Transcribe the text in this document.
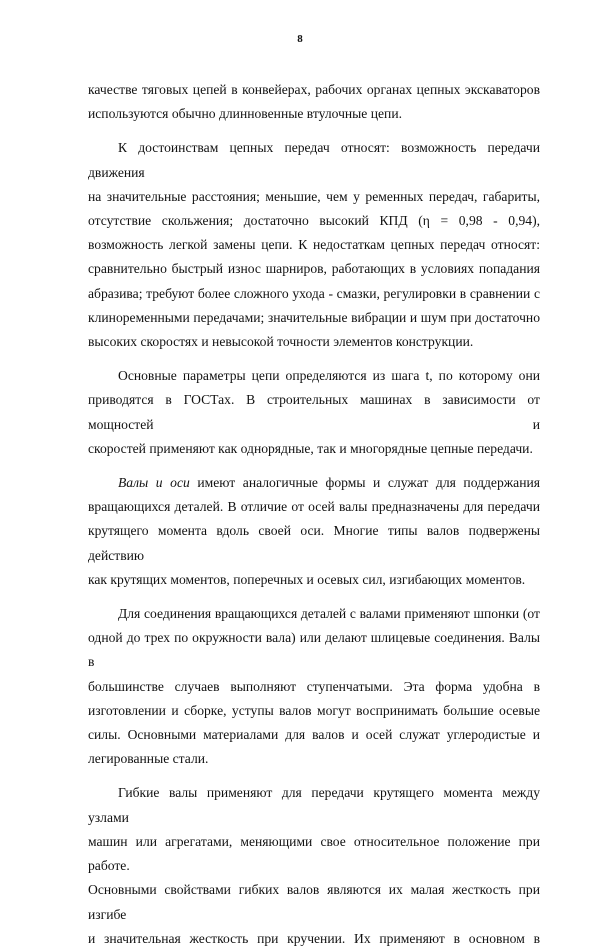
8

качестве тяговых цепей в конвейерах, рабочих органах цепных экскаваторов
используются обычно длинновенные втулочные цепи.

К достоинствам цепных передач относят: возможность передачи движения
на значительные расстояния; меньшие, чем у ременных передач, габариты,
отсутствие скольжения; достаточно высокий КПД (η = 0,98 - 0,94),
возможность легкой замены цепи. К недостаткам цепных передач относят:
сравнительно быстрый износ шарниров, работающих в условиях попадания
абразива; требуют более сложного ухода - смазки, регулировки в сравнении с
клиноременными передачами; значительные вибрации и шум при достаточно
высоких скоростях и невысокой точности элементов конструкции.

Основные параметры цепи определяются из шага t, по которому они
приводятся в ГОСТах. В строительных машинах в зависимости от мощностей и
скоростей применяют как однорядные, так и многорядные цепные передачи.

Валы и оси имеют аналогичные формы и служат для поддержания
вращающихся деталей. В отличие от осей валы предназначены для передачи
крутящего момента вдоль своей оси. Многие типы валов подвержены действию
как крутящих моментов, поперечных и осевых сил, изгибающих моментов.

Для соединения вращающихся деталей с валами применяют шпонки (от
одной до трех по окружности вала) или делают шлицевые соединения. Валы в
большинстве случаев выполняют ступенчатыми. Эта форма удобна в
изготовлении и сборке, уступы валов могут воспринимать большие осевые
силы. Основными материалами для валов и осей служат углеродистые и
легированные стали.

Гибкие валы применяют для передачи крутящего момента между узлами
машин или агрегатами, меняющими свое относительное положение при работе.
Основными свойствами гибких валов являются их малая жесткость при изгибе
и значительная жесткость при кручении. Их применяют в основном в
